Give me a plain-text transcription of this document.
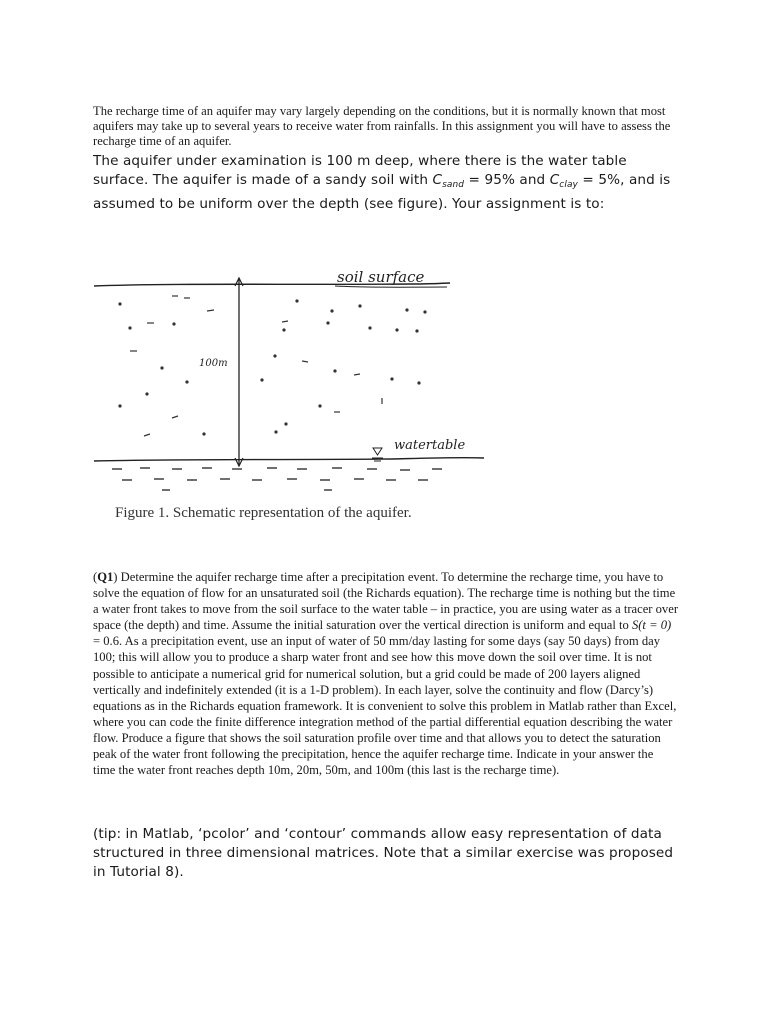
The recharge time of an aquifer may vary largely depending on the conditions, but it is normally known that most aquifers may take up to several years to receive water from rainfalls. In this assignment you will have to assess the recharge time of an aquifer.
The aquifer under examination is 100 m deep, where there is the water table surface. The aquifer is made of a sandy soil with $C_{sand} = 95\%$ and $C_{clay} = 5\%$, and is assumed to be uniform over the depth (see figure). Your assignment is to:
soil surface
100m
watertable
Figure 1. Schematic representation of the aquifer.
(Q1) Determine the aquifer recharge time after a precipitation event. To determine the recharge time, you have to solve the equation of flow for an unsaturated soil (the Richards equation). The recharge time is nothing but the time a water front takes to move from the soil surface to the water table – in practice, you are using water as a tracer over space (the depth) and time. Assume the initial saturation over the vertical direction is uniform and equal to S(t = 0) = 0.6. As a precipitation event, use an input of water of 50 mm/day lasting for some days (say 50 days) from day 100; this will allow you to produce a sharp water front and see how this move down the soil over time. It is not possible to anticipate a numerical grid for numerical solution, but a grid could be made of 200 layers aligned vertically and indefinitely extended (it is a 1-D problem). In each layer, solve the continuity and flow (Darcy’s) equations as in the Richards equation framework. It is convenient to solve this problem in Matlab rather than Excel, where you can code the finite difference integration method of the partial differential equation describing the water flow. Produce a figure that shows the soil saturation profile over time and that allows you to detect the saturation peak of the water front following the precipitation, hence the aquifer recharge time. Indicate in your answer the time the water front reaches depth 10m, 20m, 50m, and 100m (this last is the recharge time).
(tip: in Matlab, ‘pcolor’ and ‘contour’ commands allow easy representation of data structured in three dimensional matrices. Note that a similar exercise was proposed in Tutorial 8).
